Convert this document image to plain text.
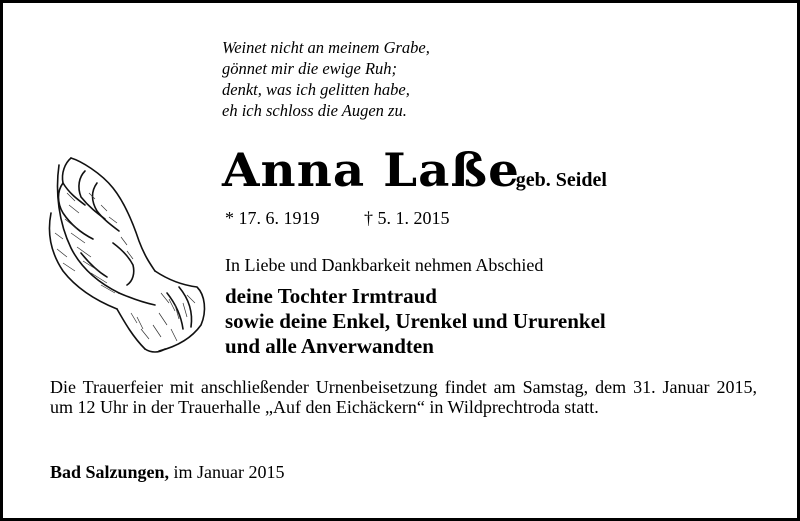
Weinet nicht an meinem Grabe,
gönnet mir die ewige Ruh;
denkt, was ich gelitten habe,
eh ich schloss die Augen zu.
Anna Laße geb. Seidel
* 17. 6. 1919 † 5. 1. 2015
In Liebe und Dankbarkeit nehmen Abschied
deine Tochter Irmtraud
sowie deine Enkel, Urenkel und Ururenkel
und alle Anverwandten
Die Trauerfeier mit anschließender Urnenbeisetzung findet am Samstag, dem 31. Januar 2015, um 12 Uhr in der Trauerhalle „Auf den Eichäckern“ in Wildprechtroda statt.
Bad Salzungen, im Januar 2015
